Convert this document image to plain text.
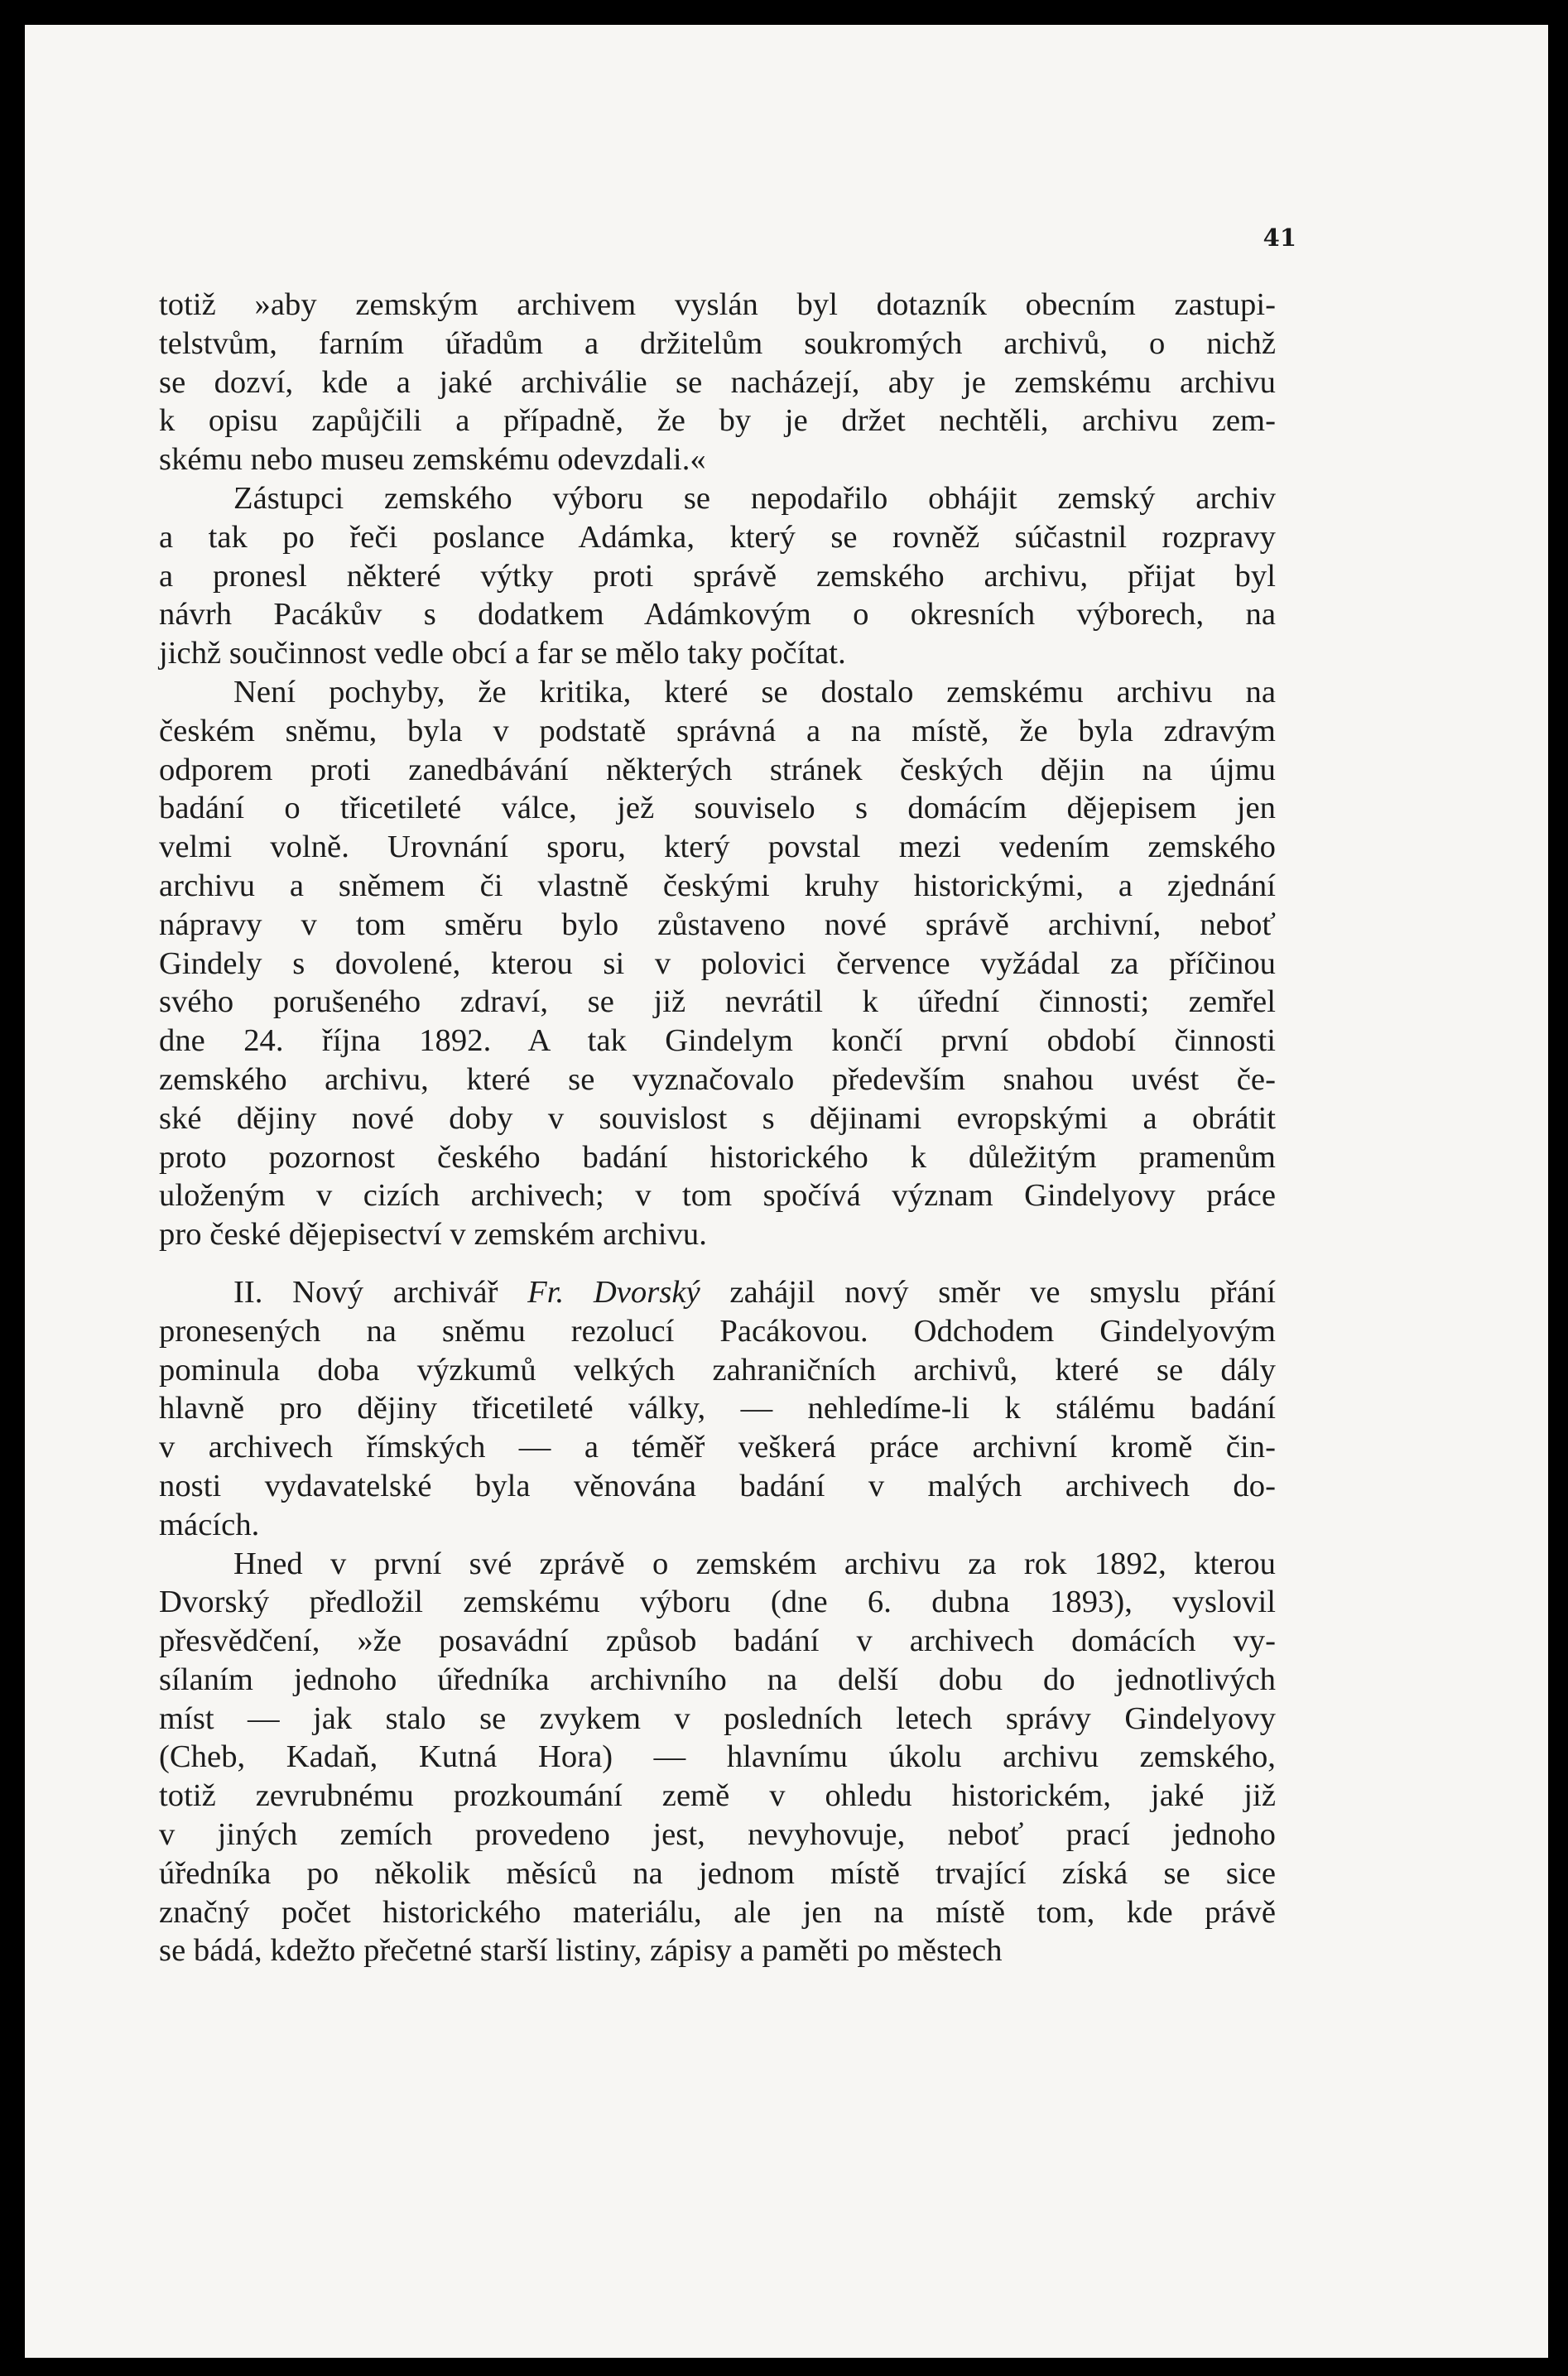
41
totiž »aby zemským archivem vyslán byl dotazník obecním zastupi-
telstvům, farním úřadům a držitelům soukromých archivů, o nichž
se dozví, kde a jaké archiválie se nacházejí, aby je zemskému archivu
k opisu zapůjčili a případně, že by je držet nechtěli, archivu zem-
skému nebo museu zemskému odevzdali.«
Zástupci zemského výboru se nepodařilo obhájit zemský archiv
a tak po řeči poslance Adámka, který se rovněž súčastnil rozpravy
a pronesl některé výtky proti správě zemského archivu, přijat byl
návrh Pacákův s dodatkem Adámkovým o okresních výborech, na
jichž součinnost vedle obcí a far se mělo taky počítat.
Není pochyby, že kritika, které se dostalo zemskému archivu na
českém sněmu, byla v podstatě správná a na místě, že byla zdravým
odporem proti zanedbávání některých stránek českých dějin na újmu
badání o třicetileté válce, jež souviselo s domácím dějepisem jen
velmi volně. Urovnání sporu, který povstal mezi vedením zemského
archivu a sněmem či vlastně českými kruhy historickými, a zjednání
nápravy v tom směru bylo zůstaveno nové správě archivní, neboť
Gindely s dovolené, kterou si v polovici července vyžádal za příčinou
svého porušeného zdraví, se již nevrátil k úřední činnosti; zemřel
dne 24. října 1892. A tak Gindelym končí první období činnosti
zemského archivu, které se vyznačovalo především snahou uvést če-
ské dějiny nové doby v souvislost s dějinami evropskými a obrátit
proto pozornost českého badání historického k důležitým pramenům
uloženým v cizích archivech; v tom spočívá význam Gindelyovy práce
pro české dějepisectví v zemském archivu.
II. Nový archivář Fr. Dvorský zahájil nový směr ve smyslu přání
pronesených na sněmu rezolucí Pacákovou. Odchodem Gindelyovým
pominula doba výzkumů velkých zahraničních archivů, které se dály
hlavně pro dějiny třicetileté války, — nehledíme-li k stálému badání
v archivech římských — a téměř veškerá práce archivní kromě čin-
nosti vydavatelské byla věnována badání v malých archivech do-
mácích.
Hned v první své zprávě o zemském archivu za rok 1892, kterou
Dvorský předložil zemskému výboru (dne 6. dubna 1893), vyslovil
přesvědčení, »že posavádní způsob badání v archivech domácích vy-
sílaním jednoho úředníka archivního na delší dobu do jednotlivých
míst — jak stalo se zvykem v posledních letech správy Gindelyovy
(Cheb, Kadaň, Kutná Hora) — hlavnímu úkolu archivu zemského,
totiž zevrubnému prozkoumání země v ohledu historickém, jaké již
v jiných zemích provedeno jest, nevyhovuje, neboť prací jednoho
úředníka po několik měsíců na jednom místě trvající získá se sice
značný počet historického materiálu, ale jen na místě tom, kde právě
se bádá, kdežto přečetné starší listiny, zápisy a paměti po městech
